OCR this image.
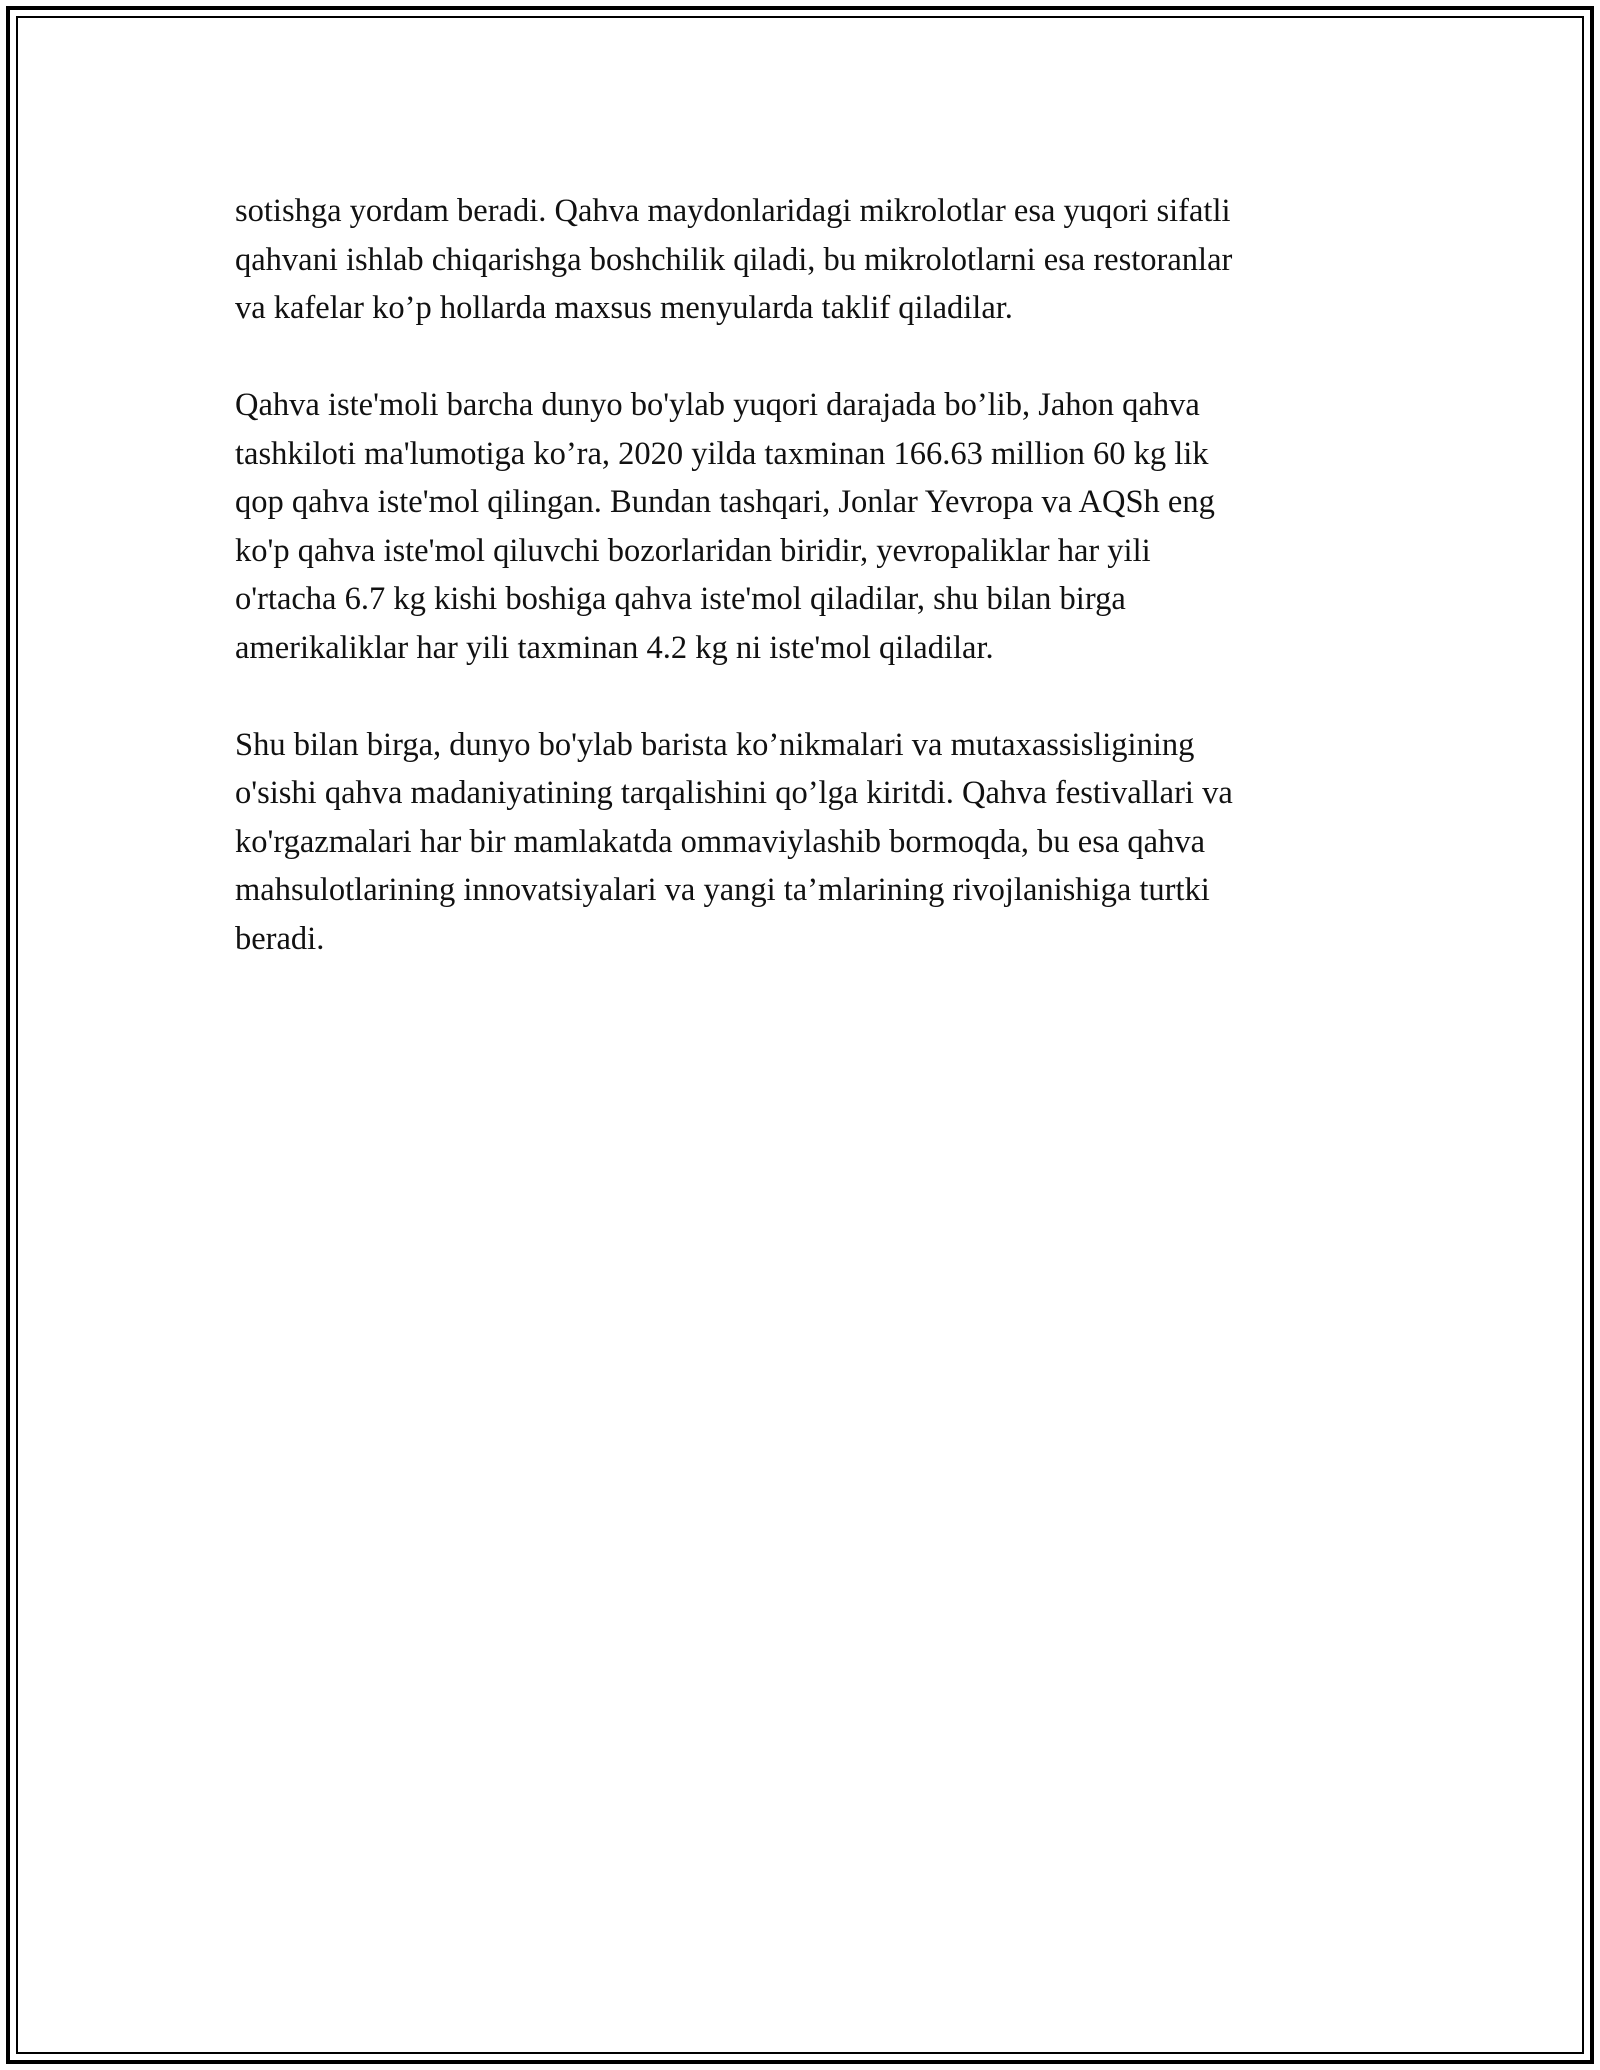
sotishga yordam beradi. Qahva maydonlaridagi mikrolotlar esa yuqori sifatli
qahvani ishlab chiqarishga boshchilik qiladi, bu mikrolotlarni esa restoranlar
va kafelar ko’p hollarda maxsus menyularda taklif qiladilar.

Qahva iste'moli barcha dunyo bo'ylab yuqori darajada bo’lib, Jahon qahva
tashkiloti ma'lumotiga ko’ra, 2020 yilda taxminan 166.63 million 60 kg lik
qop qahva iste'mol qilingan. Bundan tashqari, Jonlar Yevropa va AQSh eng
ko'p qahva iste'mol qiluvchi bozorlaridan biridir, yevropaliklar har yili
o'rtacha 6.7 kg kishi boshiga qahva iste'mol qiladilar, shu bilan birga
amerikaliklar har yili taxminan 4.2 kg ni iste'mol qiladilar.

Shu bilan birga, dunyo bo'ylab barista ko’nikmalari va mutaxassisligining
o'sishi qahva madaniyatining tarqalishini qo’lga kiritdi. Qahva festivallari va
ko'rgazmalari har bir mamlakatda ommaviylashib bormoqda, bu esa qahva
mahsulotlarining innovatsiyalari va yangi ta’mlarining rivojlanishiga turtki
beradi.
